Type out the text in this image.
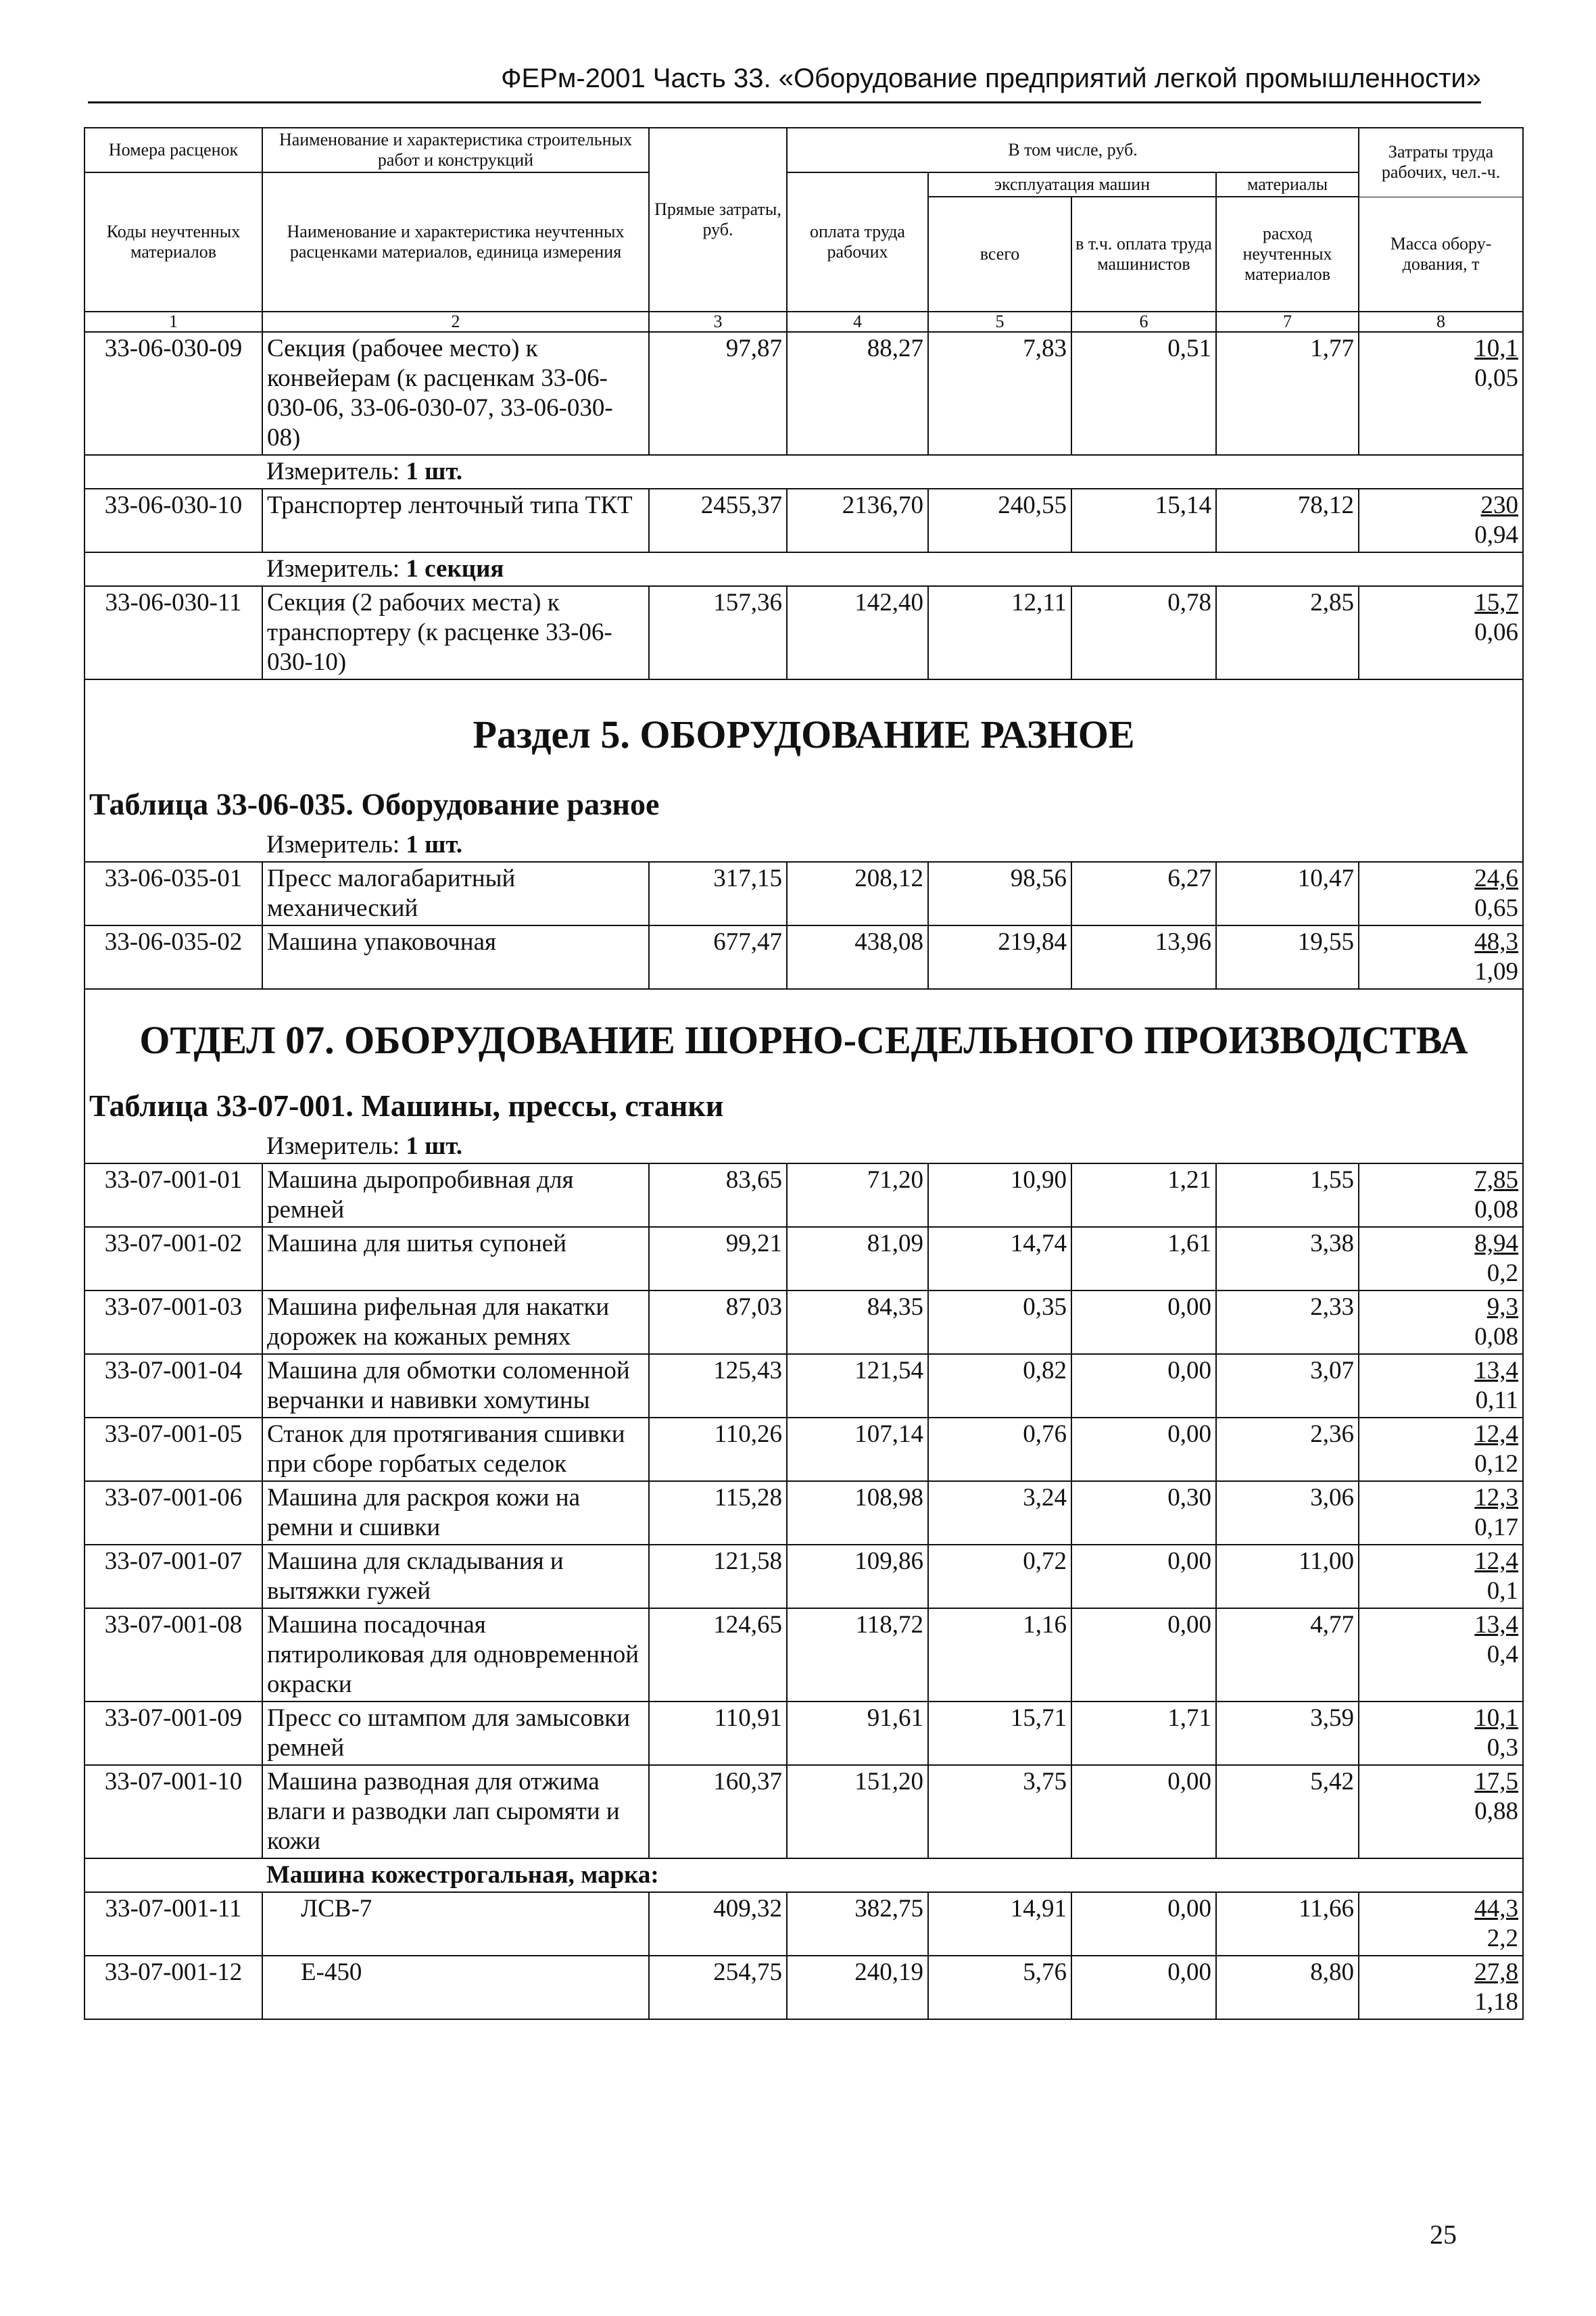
ФЕРм-2001 Часть 33. «Оборудование предприятий легкой промышленности»
Номера расценок	Наименование и характеристика строительных работ и конструкций	Прямые затраты, руб.	В том числе, руб.				Затраты труда рабочих, чел.-ч.
Коды неучтенных материалов	Наименование и характеристика неучтенных расценками материалов, единица измерения		оплата труда рабочих	эксплуатация машин		материалы	
				всего	в т.ч. оплата труда машинистов	расход неучтенных материалов	Масса обору-дования, т
1	2	3	4	5	6	7	8
33-06-030-09	Секция (рабочее место) к конвейерам (к расценкам 33-06-030-06, 33-06-030-07, 33-06-030-08)	97,87	88,27	7,83	0,51	1,77	10,1
0,05

	Измеритель: 1 шт.						
33-06-030-10	Транспортер ленточный типа ТКТ	2455,37	2136,70	240,55	15,14	78,12	230
0,94

	Измеритель: 1 секция						
33-06-030-11	Секция (2 рабочих места) к транспортеру (к расценке 33-06-030-10)	157,36	142,40	12,11	0,78	2,85	15,7
0,06

Раздел 5. ОБОРУДОВАНИЕ РАЗНОЕ
Таблица 33-06-035. Оборудование разное							

	Измеритель: 1 шт.						
33-06-035-01	Пресс малогабаритный механический	317,15	208,12	98,56	6,27	10,47	24,6
0,65

33-06-035-02	Машина упаковочная	677,47	438,08	219,84	13,96	19,55	48,3
1,09

ОТДЕЛ 07. ОБОРУДОВАНИЕ ШОРНО-СЕДЕЛЬНОГО ПРОИЗВОДСТВА
Таблица 33-07-001. Машины, прессы, станки							

	Измеритель: 1 шт.						
33-07-001-01	Машина дыропробивная для ремней	83,65	71,20	10,90	1,21	1,55	7,85
0,08

33-07-001-02	Машина для шитья супоней	99,21	81,09	14,74	1,61	3,38	8,94
0,2

33-07-001-03	Машина рифельная для накатки дорожек на кожаных ремнях	87,03	84,35	0,35	0,00	2,33	9,3
0,08

33-07-001-04	Машина для обмотки соломенной верчанки и навивки хомутины	125,43	121,54	0,82	0,00	3,07	13,4
0,11

33-07-001-05	Станок для протягивания сшивки при сборе горбатых седелок	110,26	107,14	0,76	0,00	2,36	12,4
0,12

33-07-001-06	Машина для раскроя кожи на ремни и сшивки	115,28	108,98	3,24	0,30	3,06	12,3
0,17

33-07-001-07	Машина для складывания и вытяжки гужей	121,58	109,86	0,72	0,00	11,00	12,4
0,1

33-07-001-08	Машина посадочная пятироликовая для одновременной окраски	124,65	118,72	1,16	0,00	4,77	13,4
0,4

33-07-001-09	Пресс со штампом для замысовки ремней	110,91	91,61	15,71	1,71	3,59	10,1
0,3

33-07-001-10	Машина разводная для отжима влаги и разводки лап сыромяти и кожи	160,37	151,20	3,75	0,00	5,42	17,5
0,88

	Машина кожестрогальная, марка:						
33-07-001-11	ЛСВ-7	409,32	382,75	14,91	0,00	11,66	44,3
2,2

33-07-001-12	Е-450	254,75	240,19	5,76	0,00	8,80	27,8
1,18
25
